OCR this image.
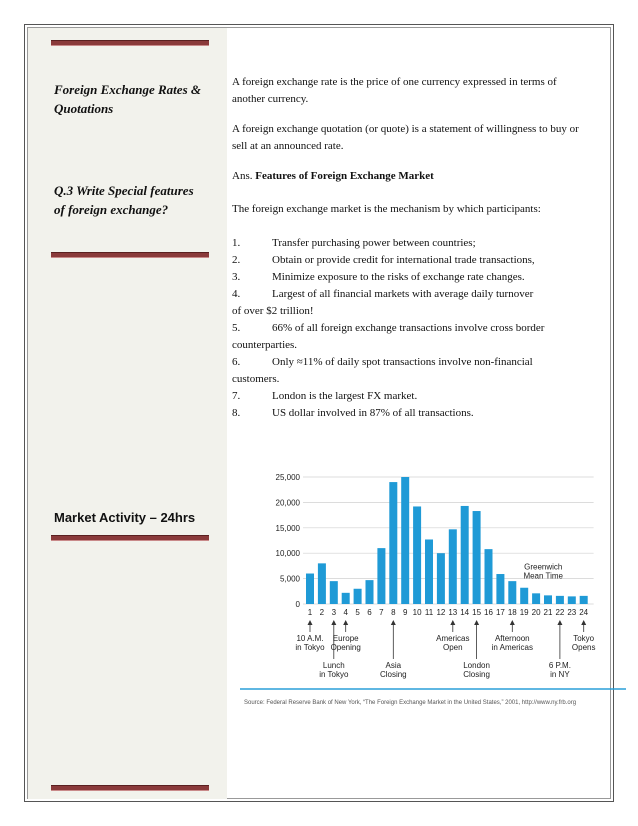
Foreign Exchange Rates & Quotations
Q.3 Write Special features of foreign exchange?
Market Activity – 24hrs

A foreign exchange rate is the price of one currency expressed in terms of another currency.

A foreign exchange quotation (or quote) is a statement of willingness to buy or sell at an announced rate.

Ans. Features of Foreign Exchange Market

The foreign exchange market is the mechanism by which participants:

1.	Transfer purchasing power between countries;
2.	Obtain or provide credit for international trade transactions,
3.	Minimize exposure to the risks of exchange rate changes.
4.	Largest of all financial markets with average daily turnover
of over $2 trillion!
5.	66% of all foreign exchange transactions involve cross border
counterparties.
6.	Only ≈11% of daily spot transactions involve non-financial
customers.
7.	London is the largest FX market.
8.	US dollar involved in 87% of all transactions.
25,000
20,000
15,000
10,000
5,000
0
1 2 3 4 5 6 7 8 9 10 11 12 13 14 15 16 17 18 19 20 21 22 23 24
Greenwich
Mean Time
10 A.M.
in Tokyo
Lunch
in Tokyo
Europe
Opening
Asia
Closing
Americas
Open
London
Closing
Afternoon
in Americas
6 P.M.
in NY
Tokyo
Opens
Source: Federal Reserve Bank of New York, “The Foreign Exchange Market in the United States,” 2001, http://www.ny.frb.org
